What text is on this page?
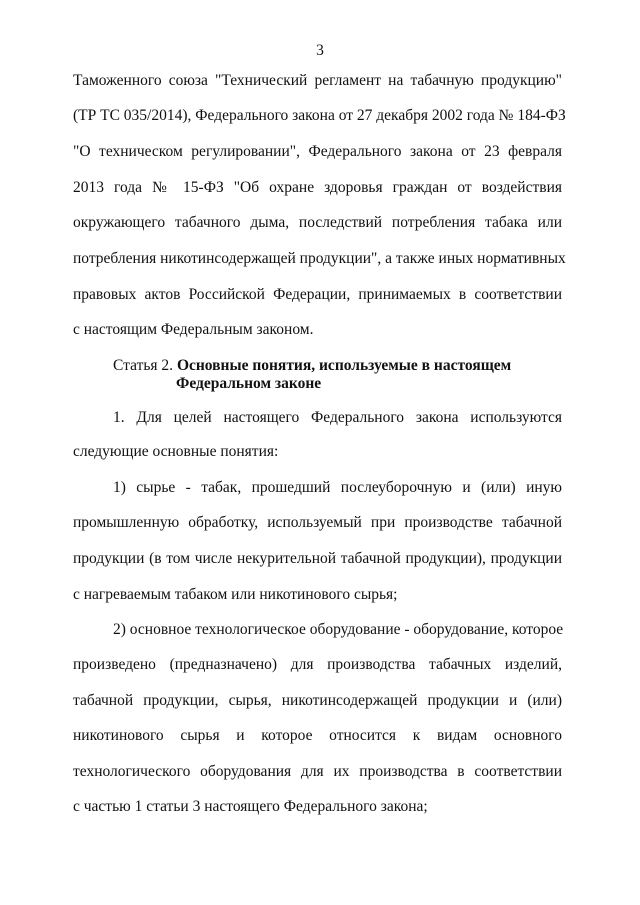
3
Таможенного союза "Технический регламент на табачную продукцию"
(ТР ТС 035/2014), Федерального закона от 27 декабря 2002 года № 184-ФЗ
"О техническом регулировании", Федерального закона от 23 февраля
2013 года № 15-ФЗ "Об охране здоровья граждан от воздействия
окружающего табачного дыма, последствий потребления табака или
потребления никотинсодержащей продукции", а также иных нормативных
правовых актов Российской Федерации, принимаемых в соответствии
с настоящим Федеральным законом.
Статья 2. Основные понятия, используемые в настоящем
Федеральном законе
1. Для целей настоящего Федерального закона используются
следующие основные понятия:
1) сырье - табак, прошедший послеуборочную и (или) иную
промышленную обработку, используемый при производстве табачной
продукции (в том числе некурительной табачной продукции), продукции
с нагреваемым табаком или никотинового сырья;
2) основное технологическое оборудование - оборудование, которое
произведено (предназначено) для производства табачных изделий,
табачной продукции, сырья, никотинсодержащей продукции и (или)
никотинового сырья и которое относится к видам основного
технологического оборудования для их производства в соответствии
с частью 1 статьи 3 настоящего Федерального закона;
